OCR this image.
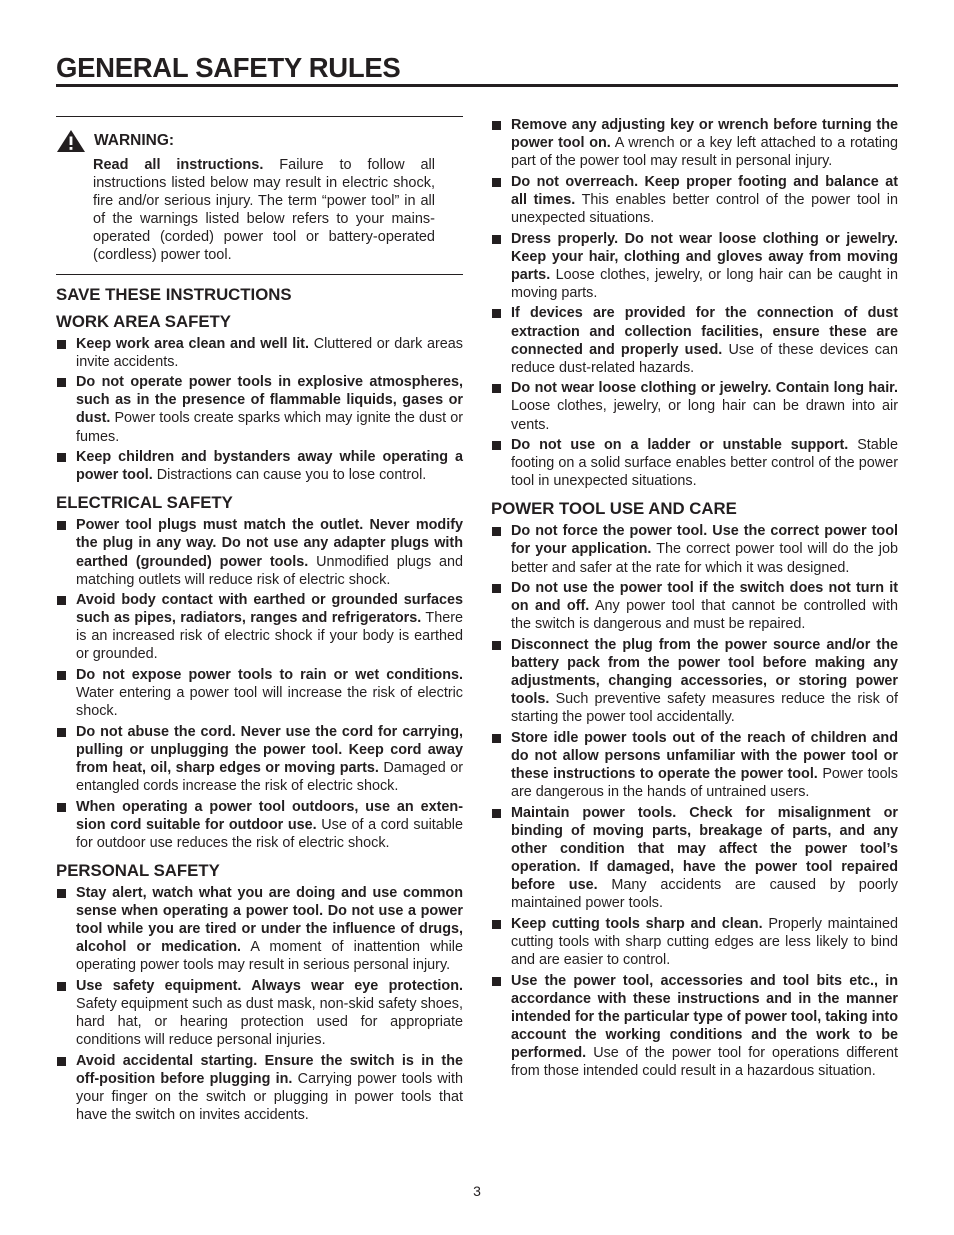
GENERAL SAFETY RULES
WARNING:
Read all instructions. Failure to follow all instructions listed below may result in electric shock, fire and/or serious injury. The term “power tool” in all of the warnings listed below refers to your mains-operated (corded) power tool or battery-operated (cordless) power tool.
SAVE THESE INSTRUCTIONS
WORK AREA SAFETY
Keep work area clean and well lit. Cluttered or dark areas invite accidents.
Do not operate power tools in explosive atmospheres, such as in the presence of flammable liquids, gases or dust. Power tools create sparks which may ignite the dust or fumes.
Keep children and bystanders away while operating a power tool. Distractions can cause you to lose control.
ELECTRICAL SAFETY
Power tool plugs must match the outlet. Never modify the plug in any way. Do not use any adapter plugs with earthed (grounded) power tools. Unmodified plugs and matching outlets will reduce risk of electric shock.
Avoid body contact with earthed or grounded surfaces such as pipes, radiators, ranges and refrigerators. There is an increased risk of electric shock if your body is earthed or grounded.
Do not expose power tools to rain or wet conditions. Water entering a power tool will increase the risk of electric shock.
Do not abuse the cord. Never use the cord for carrying, pulling or unplugging the power tool. Keep cord away from heat, oil, sharp edges or moving parts. Damaged or entangled cords increase the risk of electric shock.
When operating a power tool outdoors, use an extension cord suitable for outdoor use. Use of a cord suitable for outdoor use reduces the risk of electric shock.
PERSONAL SAFETY
Stay alert, watch what you are doing and use common sense when operating a power tool. Do not use a power tool while you are tired or under the influence of drugs, alcohol or medication. A moment of inattention while operating power tools may result in serious personal injury.
Use safety equipment. Always wear eye protection. Safety equipment such as dust mask, non-skid safety shoes, hard hat, or hearing protection used for appropriate conditions will reduce personal injuries.
Avoid accidental starting. Ensure the switch is in the off-position before plugging in. Carrying power tools with your finger on the switch or plugging in power tools that have the switch on invites accidents.
Remove any adjusting key or wrench before turning the power tool on. A wrench or a key left attached to a rotating part of the power tool may result in personal injury.
Do not overreach. Keep proper footing and balance at all times. This enables better control of the power tool in unexpected situations.
Dress properly. Do not wear loose clothing or jewelry. Keep your hair, clothing and gloves away from moving parts. Loose clothes, jewelry, or long hair can be caught in moving parts.
If devices are provided for the connection of dust extraction and collection facilities, ensure these are connected and properly used. Use of these devices can reduce dust-related hazards.
Do not wear loose clothing or jewelry. Contain long hair. Loose clothes, jewelry, or long hair can be drawn into air vents.
Do not use on a ladder or unstable support. Stable footing on a solid surface enables better control of the power tool in unexpected situations.
POWER TOOL USE AND CARE
Do not force the power tool. Use the correct power tool for your application. The correct power tool will do the job better and safer at the rate for which it was designed.
Do not use the power tool if the switch does not turn it on and off. Any power tool that cannot be controlled with the switch is dangerous and must be repaired.
Disconnect the plug from the power source and/or the battery pack from the power tool before making any adjustments, changing accessories, or storing power tools. Such preventive safety measures reduce the risk of starting the power tool accidentally.
Store idle power tools out of the reach of children and do not allow persons unfamiliar with the power tool or these instructions to operate the power tool. Power tools are dangerous in the hands of untrained users.
Maintain power tools. Check for misalignment or binding of moving parts, breakage of parts, and any other condition that may affect the power tool’s operation. If damaged, have the power tool repaired before use. Many accidents are caused by poorly maintained power tools.
Keep cutting tools sharp and clean. Properly maintained cutting tools with sharp cutting edges are less likely to bind and are easier to control.
Use the power tool, accessories and tool bits etc., in accordance with these instructions and in the manner intended for the particular type of power tool, taking into account the working conditions and the work to be performed. Use of the power tool for operations different from those intended could result in a hazardous situation.
3
